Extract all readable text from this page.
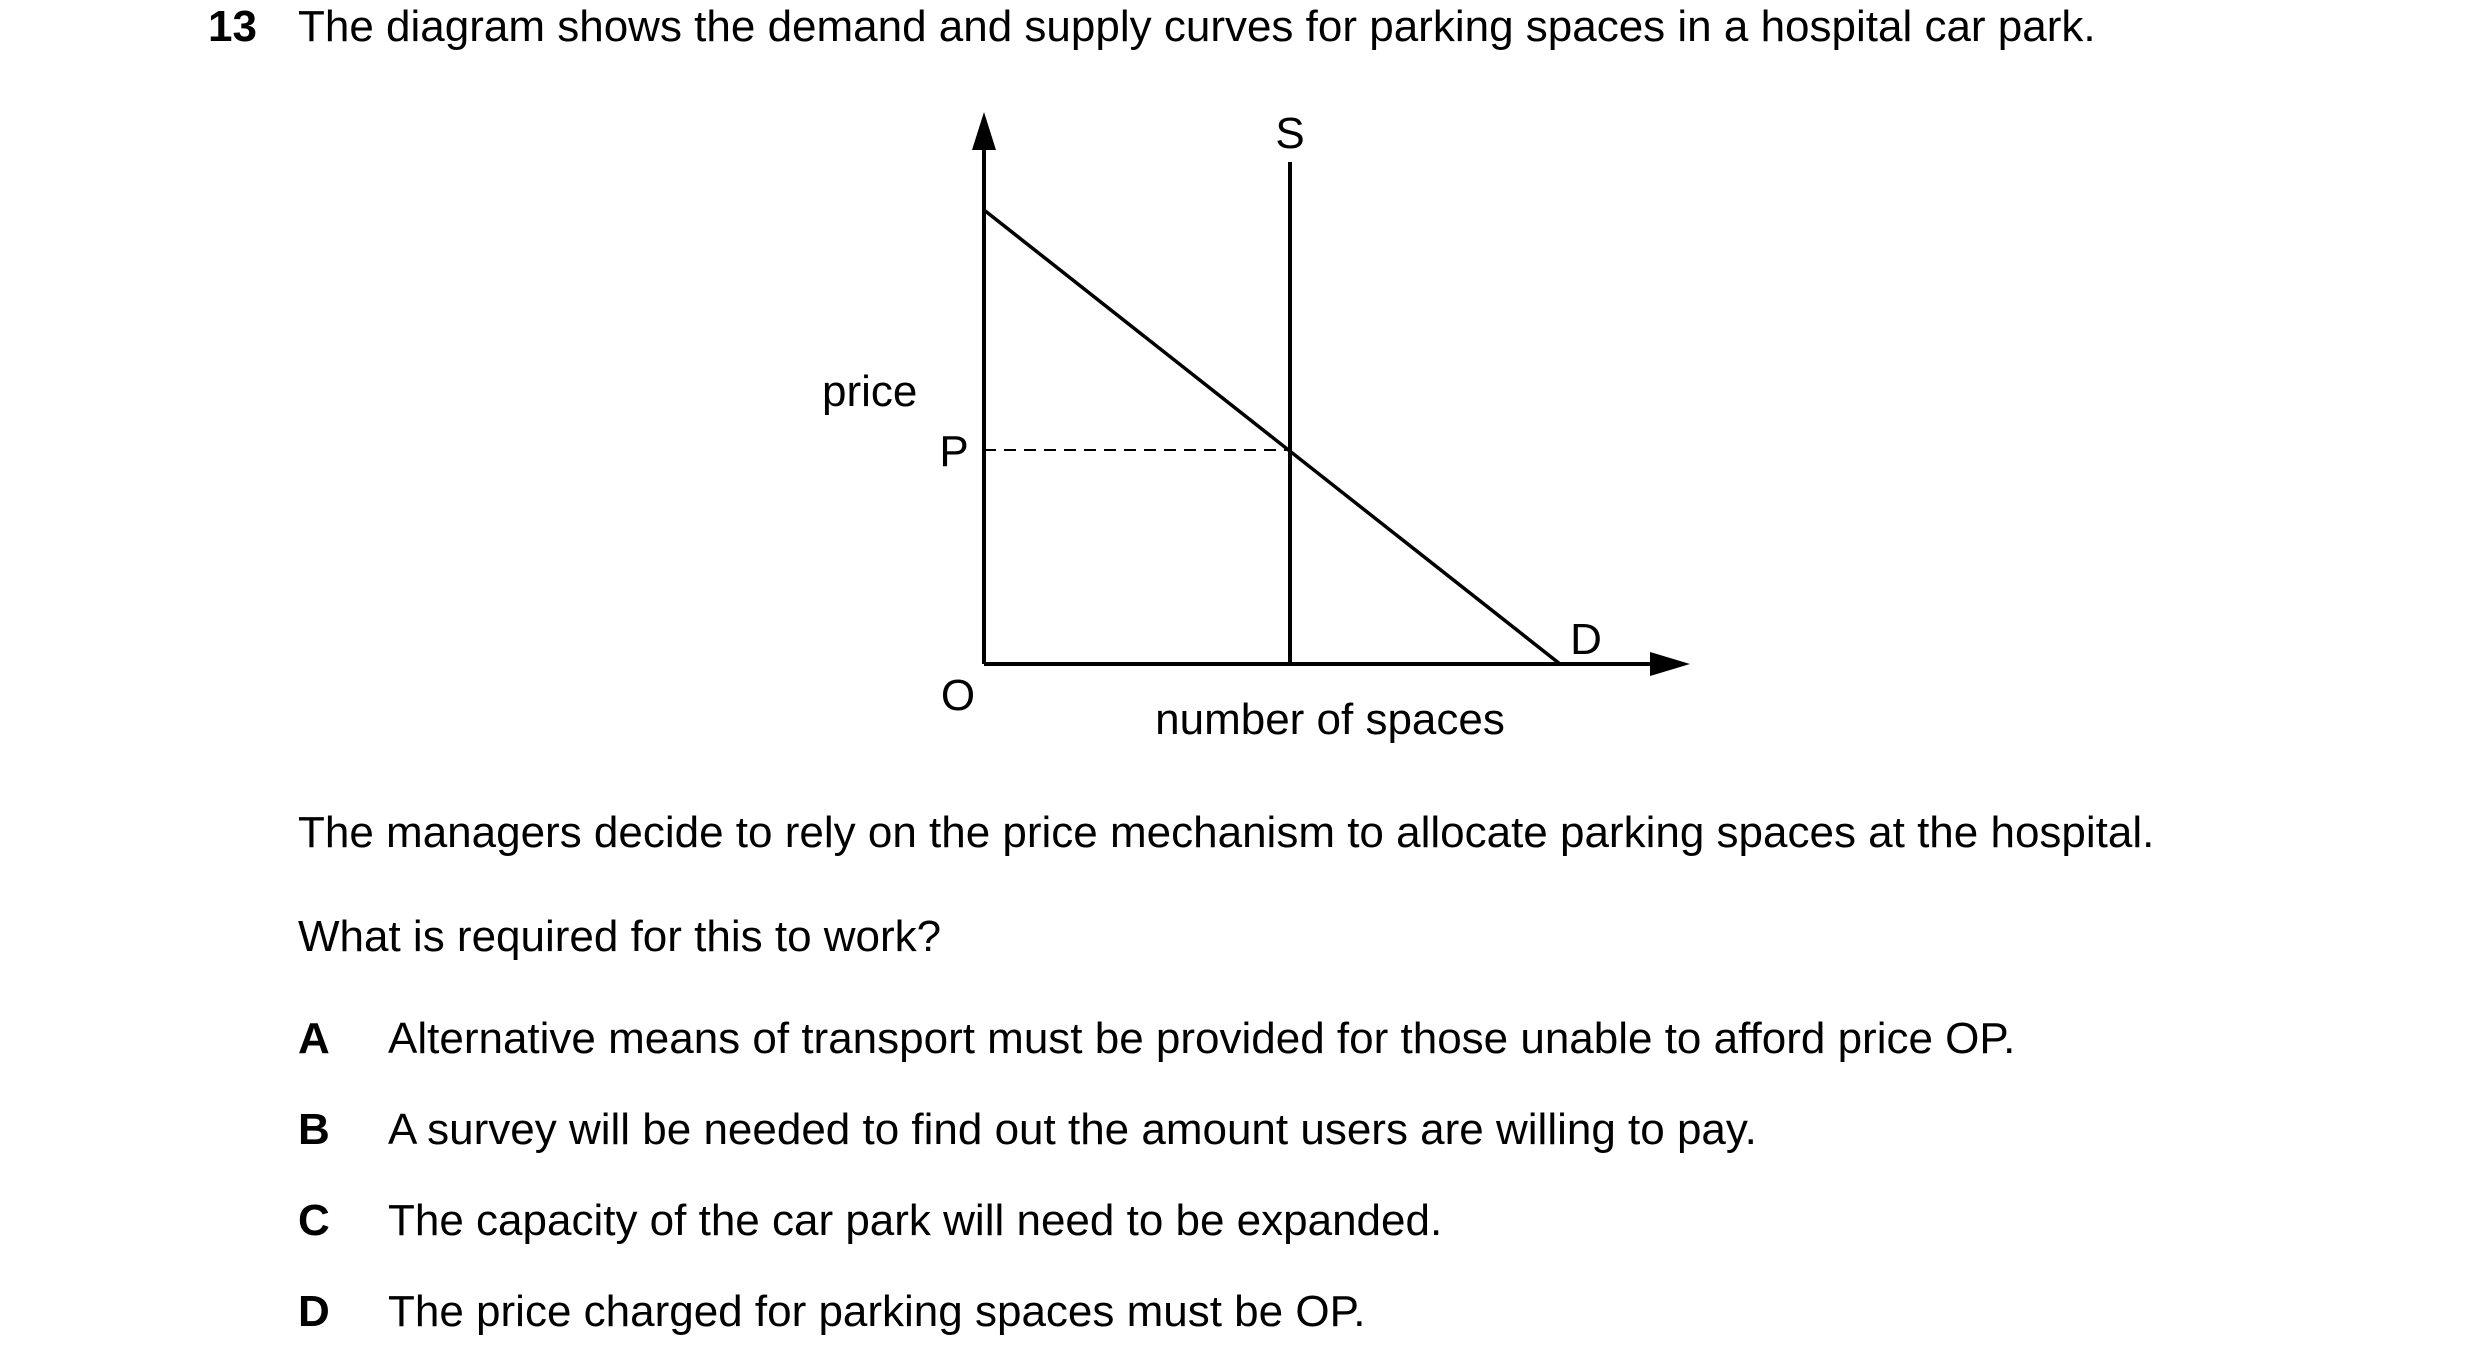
13 The diagram shows the demand and supply curves for parking spaces in a hospital car park.
S
price
P
D
O	number of spaces
The managers decide to rely on the price mechanism to allocate parking spaces at the hospital.
What is required for this to work?
A Alternative means of transport must be provided for those unable to afford price OP.
B A survey will be needed to find out the amount users are willing to pay.
C The capacity of the car park will need to be expanded.
D The price charged for parking spaces must be OP.
